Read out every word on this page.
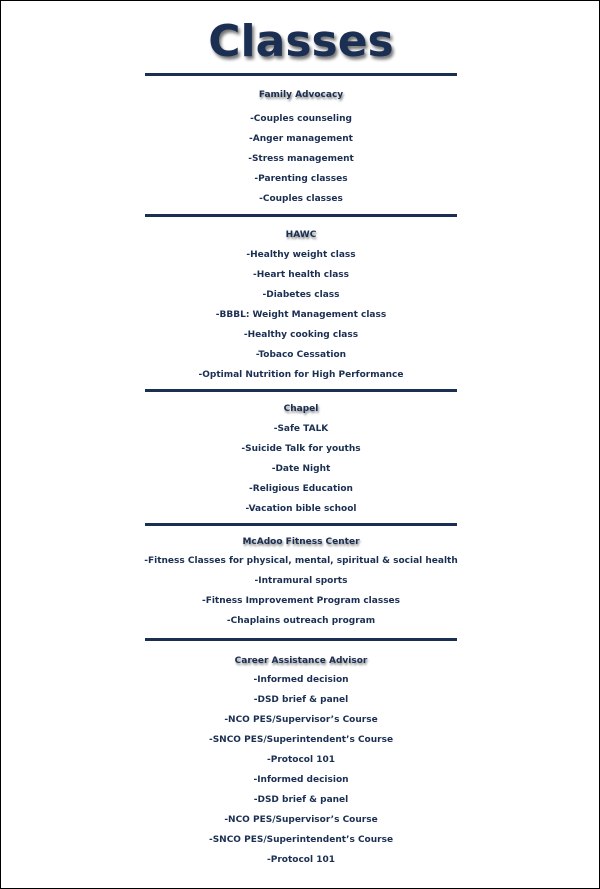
Classes
Family Advocacy
-Couples counseling
-Anger management
-Stress management
-Parenting classes
-Couples classes
HAWC
-Healthy weight class
-Heart health class
-Diabetes class
-BBBL: Weight Management class
-Healthy cooking class
-Tobaco Cessation
-Optimal Nutrition for High Performance
Chapel
-Safe TALK
-Suicide Talk for youths
-Date Night
-Religious Education
-Vacation bible school
McAdoo Fitness Center
-Fitness Classes for physical, mental, spiritual & social health
-Intramural sports
-Fitness Improvement Program classes
-Chaplains outreach program
Career Assistance Advisor
-Informed decision
-DSD brief & panel
-NCO PES/Supervisor’s Course
-SNCO PES/Superintendent’s Course
-Protocol 101
-Informed decision
-DSD brief & panel
-NCO PES/Supervisor’s Course
-SNCO PES/Superintendent’s Course
-Protocol 101
